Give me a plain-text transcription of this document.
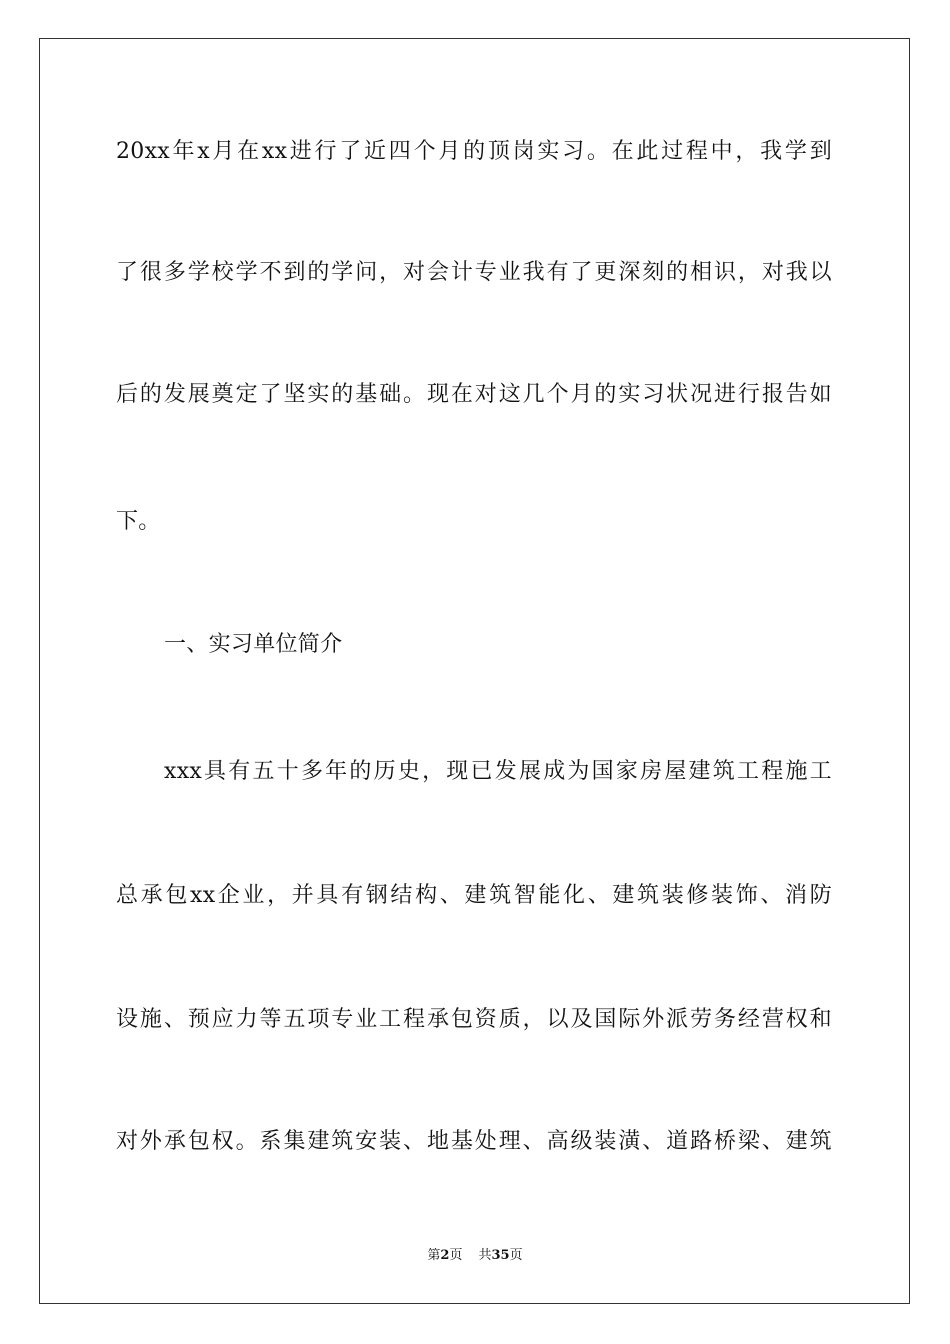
20xx年x月在xx进行了近四个月的顶岗实习。在此过程中，我学到
了很多学校学不到的学问，对会计专业我有了更深刻的相识，对我以
后的发展奠定了坚实的基础。现在对这几个月的实习状况进行报告如
下。
一、实习单位简介
xxx具有五十多年的历史，现已发展成为国家房屋建筑工程施工
总承包xx企业，并具有钢结构、建筑智能化、建筑装修装饰、消防
设施、预应力等五项专业工程承包资质，以及国际外派劳务经营权和
对外承包权。系集建筑安装、地基处理、高级装潢、道路桥梁、建筑
第2页 共35页
